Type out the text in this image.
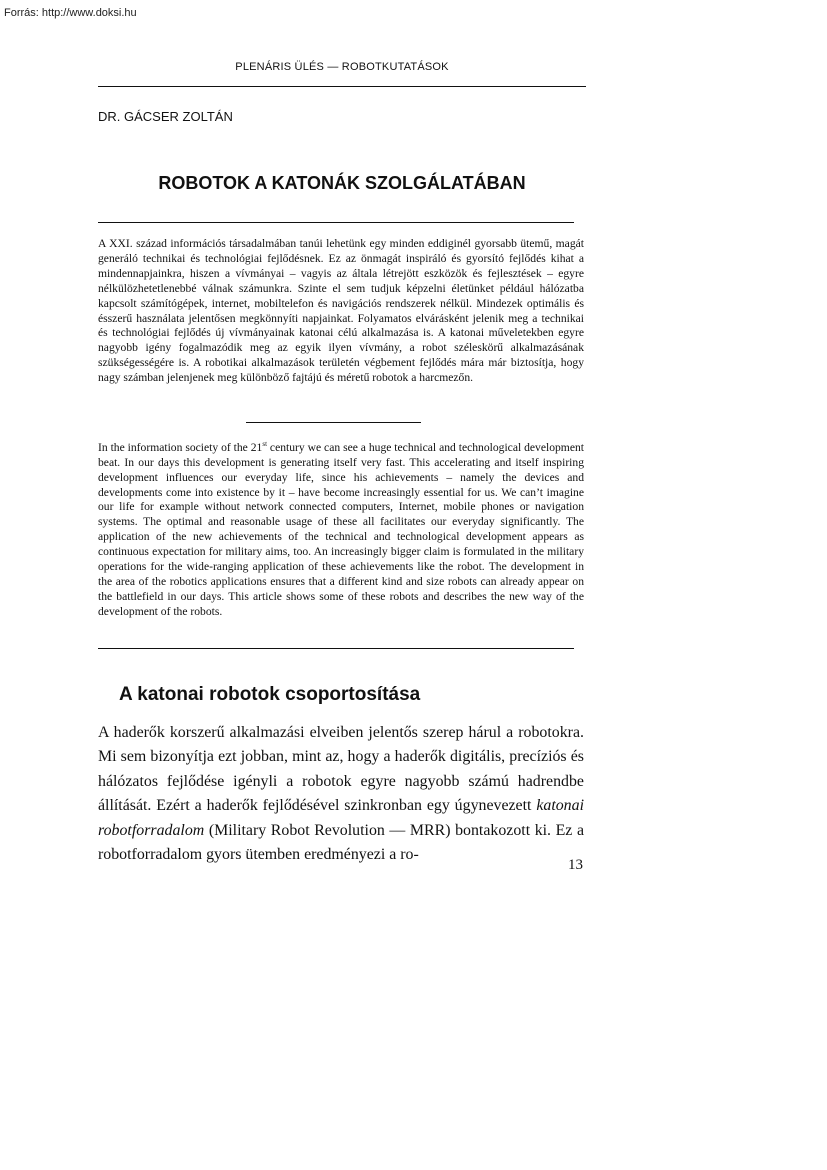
Forrás: http://www.doksi.hu
PLENÁRIS ÜLÉS — ROBOTKUTATÁSOK
DR. GÁCSER ZOLTÁN
ROBOTOK A KATONÁK SZOLGÁLATÁBAN

A XXI. század információs társadalmában tanúi lehetünk egy minden eddiginél gyorsabb ütemű, magát generáló technikai és technológiai fejlődésnek. Ez az önmagát inspiráló és gyorsító fejlődés kihat a mindennapjainkra, hiszen a vívmányai – vagyis az általa létrejött eszközök és fejlesztések – egyre nélkülözhetetlenebbé válnak számunkra. Szinte el sem tudjuk képzelni életünket például hálózatba kapcsolt számítógépek, internet, mobiltelefon és navigációs rendszerek nélkül. Mindezek optimális és ésszerű használata jelentősen megkönnyíti napjainkat. Folyamatos elvárásként jelenik meg a technikai és technológiai fejlődés új vívmányainak katonai célú alkalmazása is. A katonai műveletekben egyre nagyobb igény fogalmazódik meg az egyik ilyen vívmány, a robot széleskörű alkalmazásának szükségességére is. A robotikai alkalmazások területén végbement fejlődés mára már biztosítja, hogy nagy számban jelenjenek meg különböző fajtájú és méretű robotok a harcmezőn.

In the information society of the 21st century we can see a huge technical and technological development beat. In our days this development is generating itself very fast. This accelerating and itself inspiring development influences our everyday life, since his achievements – namely the devices and developments come into existence by it – have become increasingly essential for us. We can’t imagine our life for example without network connected computers, Internet, mobile phones or navigation systems. The optimal and reasonable usage of these all facilitates our everyday significantly. The application of the new achievements of the technical and technological development appears as continuous expectation for military aims, too. An increasingly bigger claim is formulated in the military operations for the wide-ranging application of these achievements like the robot. The development in the area of the robotics applications ensures that a different kind and size robots can already appear on the battlefield in our days. This article shows some of these robots and describes the new way of the development of the robots.

A katonai robotok csoportosítása

A haderők korszerű alkalmazási elveiben jelentős szerep hárul a robotokra. Mi sem bizonyítja ezt jobban, mint az, hogy a haderők digitális, precíziós és hálózatos fejlődése igényli a robotok egyre nagyobb számú hadrendbe állítását. Ezért a haderők fejlődésével szinkronban egy úgynevezett katonai robotforradalom (Military Robot Revolution — MRR) bontakozott ki. Ez a robotforradalom gyors ütemben eredményezi a ro-

13
